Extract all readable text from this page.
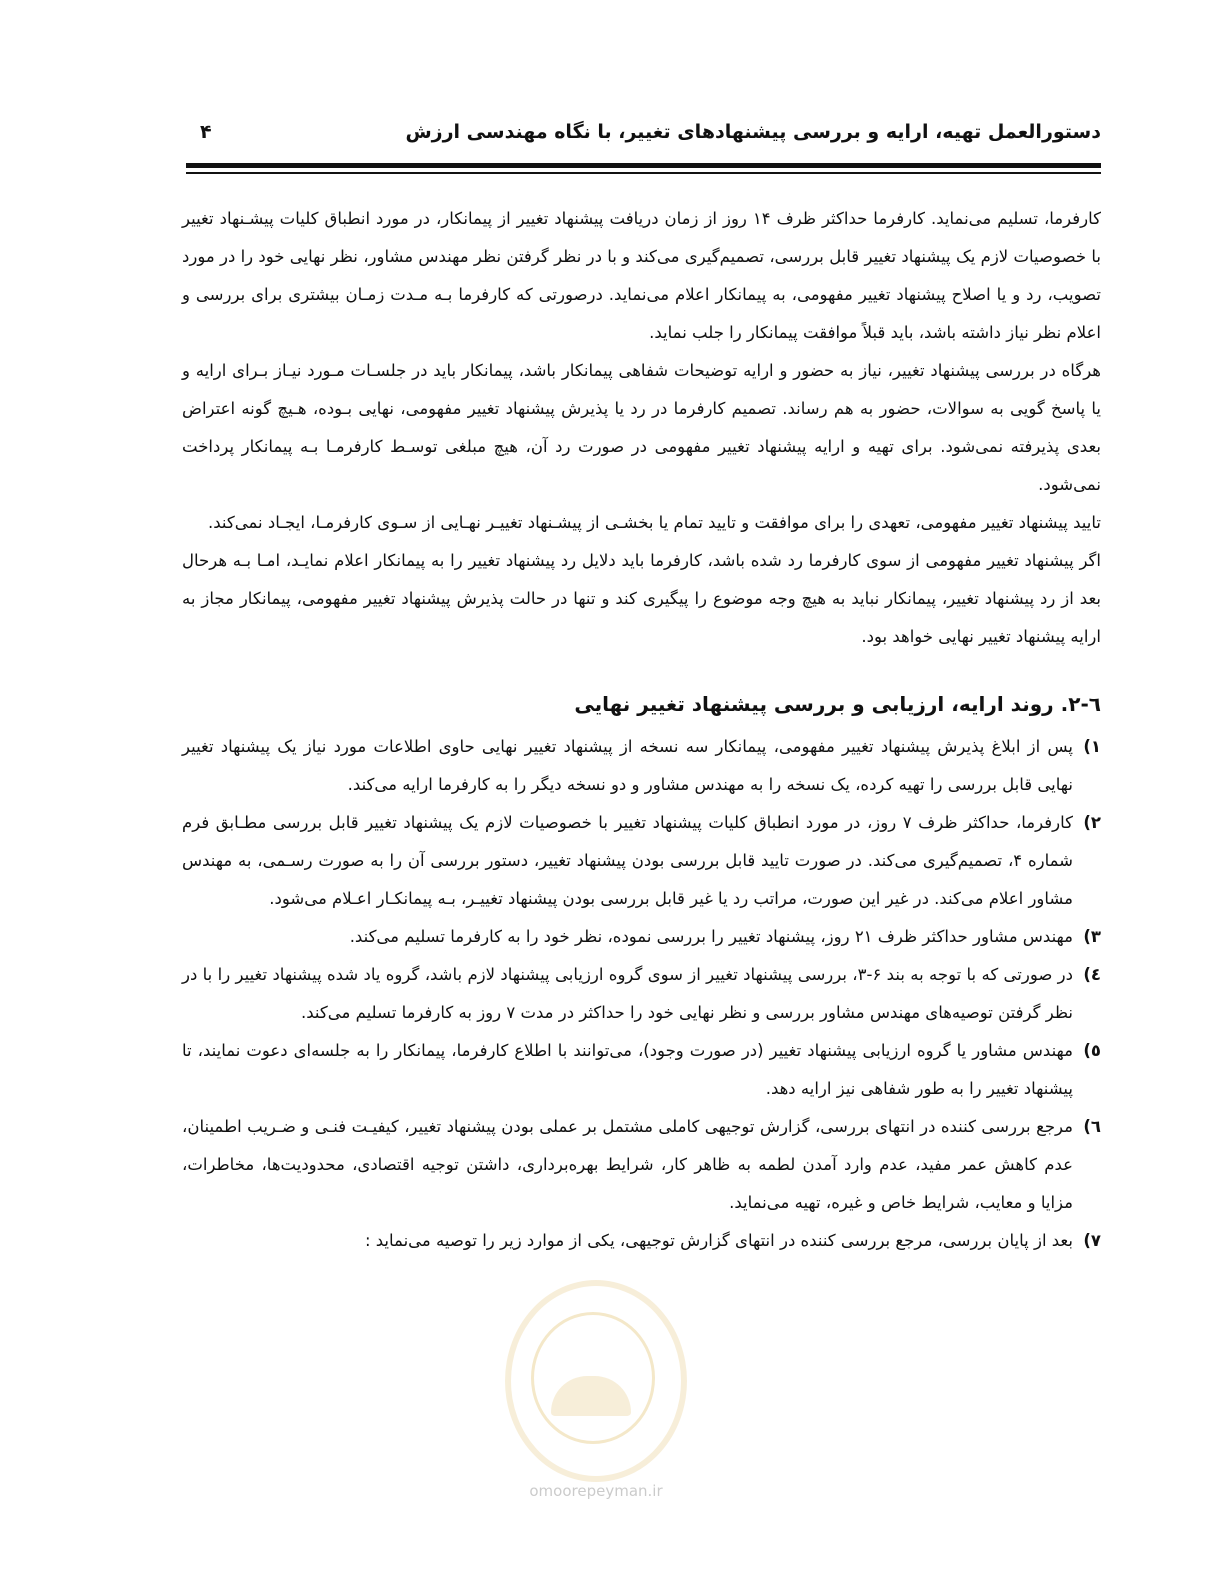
۴	دستورالعمل تهیه، ارایه و بررسی پیشنهادهای تغییر، با نگاه مهندسی ارزش

کارفرما، تسلیم می‌نماید. کارفرما حداکثر ظرف ۱۴ روز از زمان دریافت پیشنهاد تغییر از پیمانکار، در مورد انطباق کلیات پیشـنهاد تغییر با خصوصیات لازم یک پیشنهاد تغییر قابل بررسی، تصمیم‌گیری می‌کند و با در نظر گرفتن نظر مهندس مشاور، نظر نهایی خود را در مورد تصویب، رد و یا اصلاح پیشنهاد تغییر مفهومی، به پیمانکار اعلام می‌نماید. درصورتی که کارفرما بـه مـدت زمـان بیشتری برای بررسی و اعلام نظر نیاز داشته باشد، باید قبلاً موافقت پیمانکار را جلب نماید.

هرگاه در بررسی پیشنهاد تغییر، نیاز به حضور و ارایه توضیحات شفاهی پیمانکار باشد، پیمانکار باید در جلسـات مـورد نیـاز بـرای ارایه و یا پاسخ گویی به سوالات، حضور به هم رساند. تصمیم کارفرما در رد یا پذیرش پیشنهاد تغییر مفهومی، نهایی بـوده، هـیچ گونه اعتراض بعدی پذیرفته نمی‌شود. برای تهیه و ارایه پیشنهاد تغییر مفهومی در صورت رد آن، هیچ مبلغی توسـط کارفرمـا بـه پیمانکار پرداخت نمی‌شود.

تایید پیشنهاد تغییر مفهومی، تعهدی را برای موافقت و تایید تمام یا بخشـی از پیشـنهاد تغییـر نهـایی از سـوی کارفرمـا، ایجـاد نمی‌کند.

اگر پیشنهاد تغییر مفهومی از سوی کارفرما رد شده باشد، کارفرما باید دلایل رد پیشنهاد تغییر را به پیمانکار اعلام نمایـد، امـا بـه هرحال بعد از رد پیشنهاد تغییر، پیمانکار نباید به هیچ وجه موضوع را پیگیری کند و تنها در حالت پذیرش پیشنهاد تغییر مفهومی، پیمانکار مجاز به ارایه پیشنهاد تغییر نهایی خواهد بود.

٦-٢. روند ارایه، ارزیابی و بررسی پیشنهاد تغییر نهایی
١)
پس از ابلاغ پذیرش پیشنهاد تغییر مفهومی، پیمانکار سه نسخه از پیشنهاد تغییر نهایی حاوی اطلاعات مورد نیاز یک پیشنهاد تغییر نهایی قابل بررسی را تهیه کرده، یک نسخه را به مهندس مشاور و دو نسخه دیگر را به کارفرما ارایه می‌کند.
٢)
کارفرما، حداکثر ظرف ۷ روز، در مورد انطباق کلیات پیشنهاد تغییر با خصوصیات لازم یک پیشنهاد تغییر قابل بررسی مطـابق فرم شماره ۴، تصمیم‌گیری می‌کند. در صورت تایید قابل بررسی بودن پیشنهاد تغییر، دستور بررسی آن را به صورت رسـمی، به مهندس مشاور اعلام می‌کند. در غیر این صورت، مراتب رد یا غیر قابل بررسی بودن پیشنهاد تغییـر، بـه پیمانکـار اعـلام می‌شود.
٣)
مهندس مشاور حداکثر ظرف ۲۱ روز، پیشنهاد تغییر را بررسی نموده، نظر خود را به کارفرما تسلیم می‌کند.
٤)
در صورتی که با توجه به بند ۶-۳، بررسی پیشنهاد تغییر از سوی گروه ارزیابی پیشنهاد لازم باشد، گروه یاد شده پیشنهاد تغییر را با در نظر گرفتن توصیه‌های مهندس مشاور بررسی و نظر نهایی خود را حداکثر در مدت ۷ روز به کارفرما تسلیم می‌کند.
٥)
مهندس مشاور یا گروه ارزیابی پیشنهاد تغییر (در صورت وجود)، می‌توانند با اطلاع کارفرما، پیمانکار را به جلسه‌ای دعوت نمایند، تا پیشنهاد تغییر را به طور شفاهی نیز ارایه دهد.
٦)
مرجع بررسی کننده در انتهای بررسی، گزارش توجیهی کاملی مشتمل بر عملی بودن پیشنهاد تغییر، کیفیـت فنـی و ضـریب اطمینان، عدم کاهش عمر مفید، عدم وارد آمدن لطمه به ظاهر کار، شرایط بهره‌برداری، داشتن توجیه اقتصادی، محدودیت‌ها، مخاطرات، مزایا و معایب، شرایط خاص و غیره، تهیه می‌نماید.
٧)
بعد از پایان بررسی، مرجع بررسی کننده در انتهای گزارش توجیهی، یکی از موارد زیر را توصیه می‌نماید :
omoorepeyman.ir
